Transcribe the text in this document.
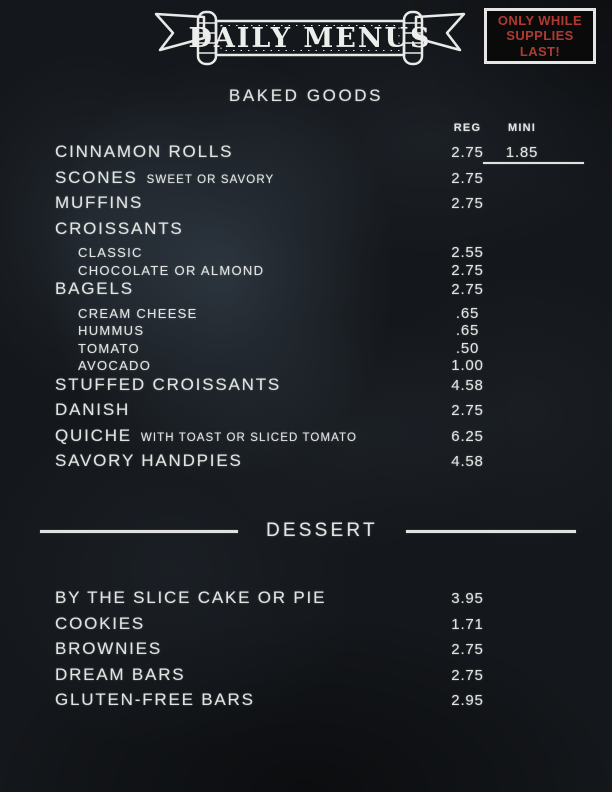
DAILY MENUS
ONLY WHILE
SUPPLIES
LAST!
BAKED GOODS
REG	MINI
CINNAMON ROLLS	2.75	1.85
SCONES SWEET OR SAVORY	2.75
MUFFINS	2.75
CROISSANTS
CLASSIC	2.55
CHOCOLATE OR ALMOND	2.75
BAGELS	2.75
CREAM CHEESE	.65
HUMMUS	.65
TOMATO	.50
AVOCADO	1.00
STUFFED CROISSANTS	4.58
DANISH	2.75
QUICHE WITH TOAST OR SLICED TOMATO	6.25
SAVORY HANDPIES	4.58
DESSERT
BY THE SLICE CAKE OR PIE	3.95
COOKIES	1.71
BROWNIES	2.75
DREAM BARS	2.75
GLUTEN-FREE BARS	2.95
